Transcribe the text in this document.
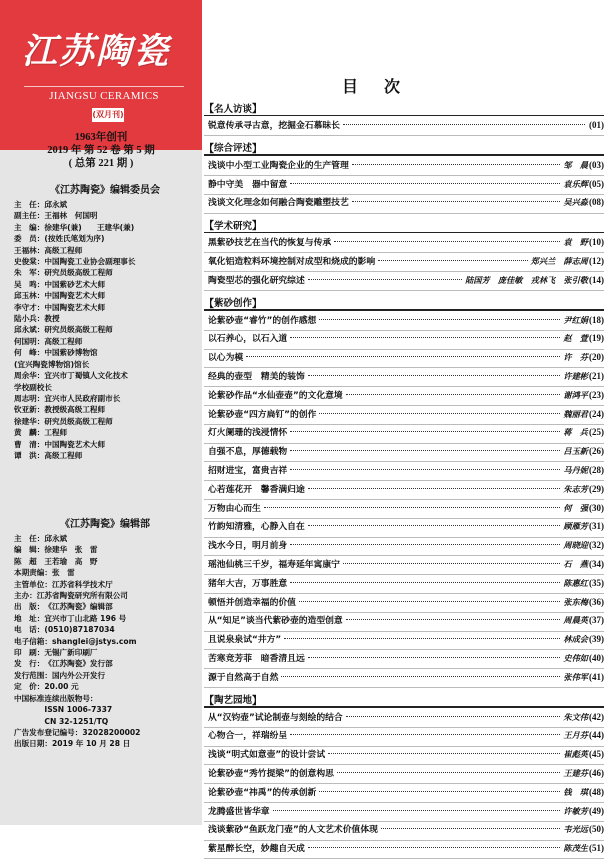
江苏陶瓷
JIANGSU CERAMICS
(双月刊)
1963年创刊
2019 年 第 52 卷 第 5 期
( 总第 221 期 )
《江苏陶瓷》编辑委员会
主　任： 邱永斌
副主任： 王福林　何国明
主　编： 徐建华(兼)　　王建华(兼)
委　员： (按姓氏笔划为序)
王福林： 高级工程师
史俊棠： 中国陶瓷工业协会副理事长
朱　军： 研究员级高级工程师
吴　鸣： 中国紫砂艺术大师
邱玉林： 中国陶瓷艺术大师
李守才： 中国陶瓷艺术大师
陆小兵： 教授
邱永斌： 研究员级高级工程师
何国明： 高级工程师
何　峰： 中国紫砂博物馆
(宜兴陶瓷博物馆)馆长
周余华： 宜兴市丁蜀镇人文化技术
学校副校长
周志明： 宜兴市人民政府副市长
钦亚新： 教授级高级工程师
徐建华： 研究员级高级工程师
黄　麟： 工程师
曹　清： 中国陶瓷艺术大师
谭　洪： 高级工程师
《江苏陶瓷》编辑部
主　任： 邱永斌
编　辑： 徐建华　张　雷
陈　超　王若瑜　高　野
本期责编： 张　雷
主管单位： 江苏省科学技术厅
主办： 江苏省陶瓷研究所有限公司
出　版： 《江苏陶瓷》编辑部
地　址： 宜兴市丁山北路 196 号
电　话： (0510)87187034
电子信箱： shanglei@jstys.com
印　刷： 无锡广新印刷厂
发　行： 《江苏陶瓷》发行部
发行范围： 国内外公开发行
定　价： 20.00 元
中国标准连续出版物号：
　　　　ISSN 1006-7337
　　　　CN 32-1251/TQ
广告发布登记编号： 32028200002
出版日期： 2019 年 10 月 28 日
目次
【 名人访谈 】
锐意传承寻古意，挖掘金石慕昧长	(01)
【 综合评述 】
浅谈中小型工业陶瓷企业的生产管理	邹　晨 (03)
静中守美　器中留意	袁乐辉 (05)
浅谈文化理念如何融合陶瓷雕塑技艺	吴兴淼 (08)
【 学术研究 】
黑紫砂技艺在当代的恢复与传承	袁　野 (10)
氧化铝造粒料环境控制对成型和烧成的影响	郑兴兰　薛志周 (12)
陶瓷型芯的强化研究综述	陆国芳　庞佳敏　戎林飞　张引敬 (14)
【 紫砂创作 】
论紫砂壶“睿竹”的创作感想	尹红娟 (18)
以石养心，以石入道	赵　萱 (19)
以心为模	许　芬 (20)
经典的壶型　精美的装饰	许建彬 (21)
论紫砂作品“水仙壶壶”的文化意境	谢鸿平 (23)
论紫砂壶“四方扁钉”的创作	魏丽君 (24)
灯火阑珊的浅浸情怀	蒋　兵 (25)
自强不息，厚德载物	吕玉新 (26)
招财进宝，富贵吉祥	马丹妮 (28)
心若莲花开　馨香满归途	朱志芳 (29)
万物由心而生	何　强 (30)
竹韵知清雅，心静入自在	顾雁芳 (31)
浅水今日，明月前身	周晓迎 (32)
瑶池仙桃三千岁，福寿延年寓康宁	石　燕 (34)
猪年大吉，万事胜意	陈惠红 (35)
顿悟并创造幸福的价值	张东梅 (36)
从“知足”谈当代紫砂壶的造型创意	周晨英 (37)
且说泉泉试“井方”	林成会 (39)
苦寒竞芳菲　暗香清且远	史伟如 (40)
源于自然高于自然	张伟军 (41)
【 陶艺园地 】
从“汉钧壶”试论制壶与刻绘的结合	朱文伟 (42)
心物合一，祥瑞纷呈	王月芬 (44)
浅谈“明式如意壶”的设计尝试	崔彪英 (45)
论紫砂壶“秀竹提梁”的创意构思	王建芬 (46)
论紫砂壶“祎禹”的传承创新	钱　琪 (48)
龙腾盛世皆华章	许敏芳 (49)
浅谈紫砂“鱼跃龙门壶”的人文艺术价值体现	韦光远 (50)
紫星醉长空，妙趣自天成	陈茂生 (51)
